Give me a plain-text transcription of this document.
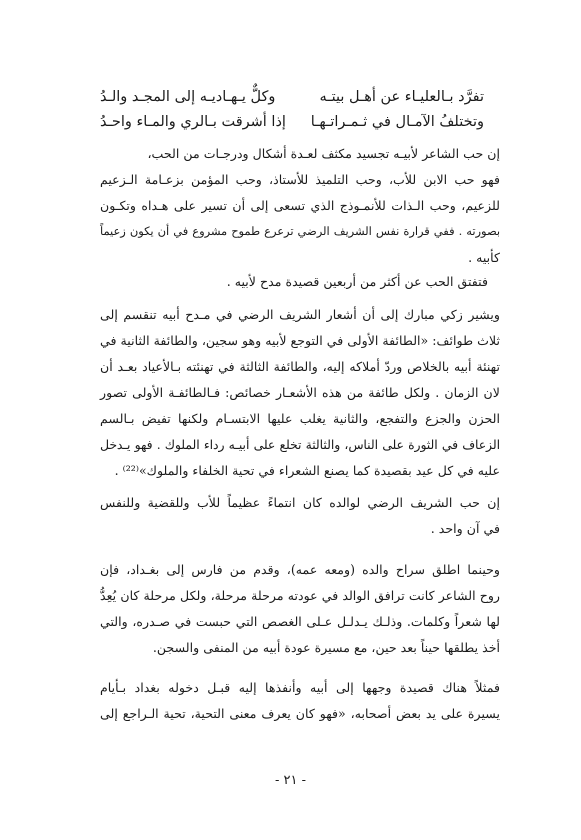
تفرَّد بـالعليـاء عن أهـل بيتـه
وكلٌّ يـهـاديـه إلى المجـد والـدُ
وتختلفُ الآمـال في ثـمـراتـهـا
إذا أشرقت بـالري والمـاء واحـدُ
إن حب الشاعر لأبيـه تجسيد مكثف لعـدة أشكال ودرجـات من الحب،
فهو حب الابن للأب، وحب التلميذ للأستاذ، وحب المؤمن بزعـامة الـزعيم
للزعيم، وحب الـذات للأنمـوذج الذي تسعى إلى أن تسير على هـداه وتكـون
بصورته . ففي قرارة نفس الشريف الرضي ترعرع طموح مشروع في أن يكون زعيماً
كأبيه .
فتفتق الحب عن أكثر من أربعين قصيدة مدح لأبيه .
ويشير زكي مبارك إلى أن أشعار الشريف الرضي في مـدح أبيه تنقسم إلى
ثلاث طوائف: «الطائفة الأولى في التوجع لأبيه وهو سجين، والطائفة الثانية في
تهنئة أبيه بالخلاص وردّ أملاكه إليه، والطائفة الثالثة في تهنئته بـالأعياد بعـد أن
لان الزمان . ولكل طائفة من هذه الأشعـار خصائص: فـالطائفـة الأولى تصور
الحزن والجزع والتفجع، والثانية يغلب عليها الابتسـام ولكنها تفيض بـالسم
الزعاف في الثورة على الناس، والثالثة تخلع على أبيـه رداء الملوك . فهو يـدخل
عليه في كل عيد بقصيدة كما يصنع الشعراء في تحية الخلفاء والملوك»⁽²²⁾ .
إن حب الشريف الرضي لوالده كان انتماءً عظيماً للأب وللقضية وللنفس
في آن واحد .
وحينما اطلق سراح والده (ومعه عمه)، وقدم من فارس إلى بغـداد، فإن
روح الشاعر كانت ترافق الوالد في عودته مرحلة مرحلة، ولكل مرحلة كان يُعِدُّ
لها شعراً وكلمات. وذلـك يـدلـل عـلى الغصص التي حبست في صـدره، والتي
أخذ يطلقها حيناً بعد حين، مع مسيرة عودة أبيه من المنفى والسجن.
فمثلاً هناك قصيدة وجهها إلى أبيه وأنفذها إليه قبـل دخوله بغداد بـأيام
يسيرة على يد بعض أصحابه، «فهو كان يعرف معنى التحية، تحية الـراجع إلى
- ٢١ -
